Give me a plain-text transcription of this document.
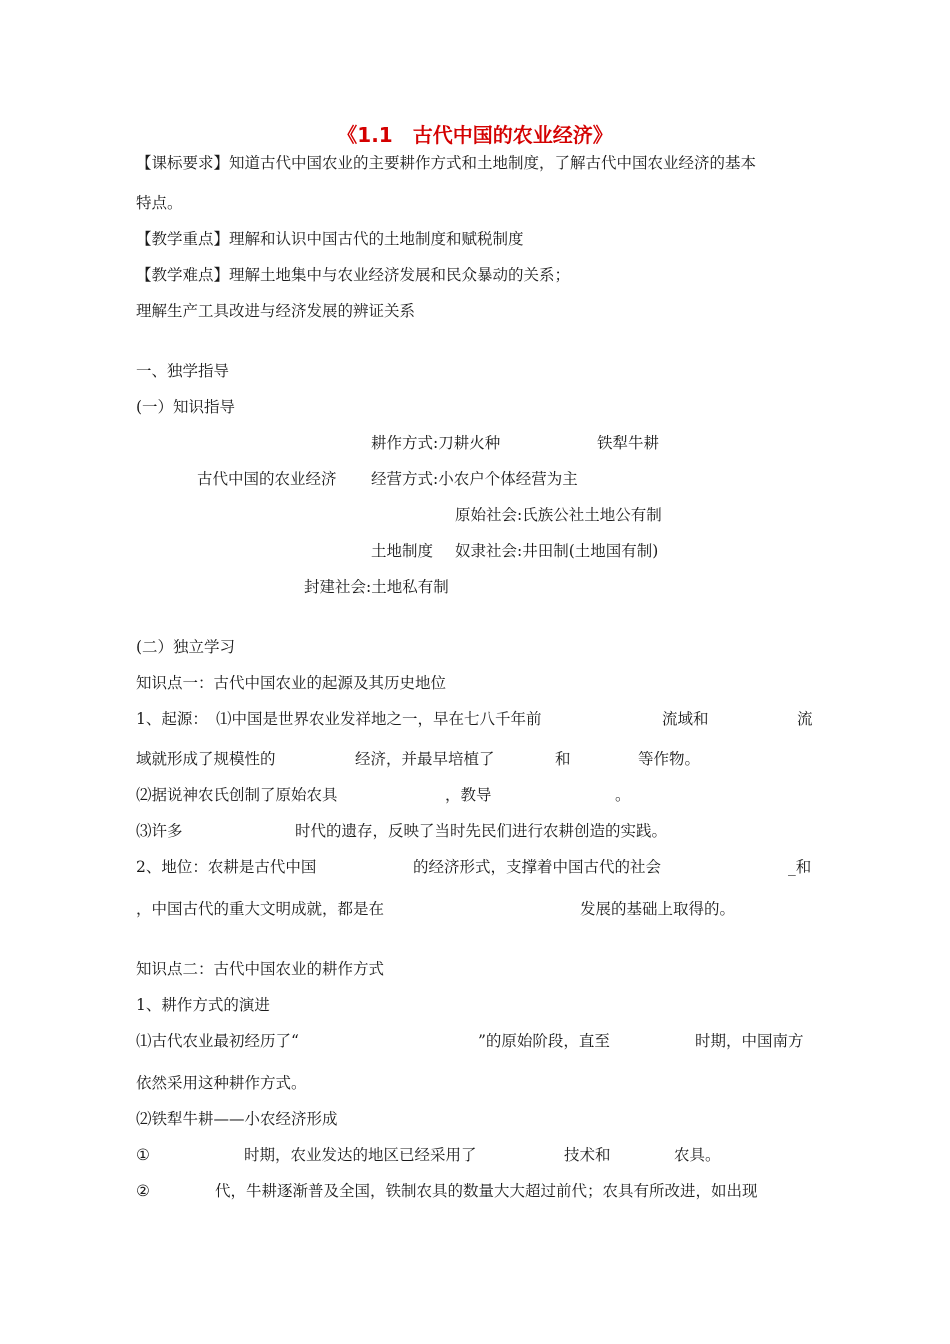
《1.1　古代中国的农业经济》
【课标要求】知道古代中国农业的主要耕作方式和土地制度，了解古代中国农业经济的基本
特点。
【教学重点】理解和认识中国古代的土地制度和赋税制度
【教学难点】理解土地集中与农业经济发展和民众暴动的关系；
理解生产工具改进与经济发展的辨证关系
一、独学指导
(一）知识指导
耕作方式:刀耕火种	铁犁牛耕
古代中国的农业经济 经营方式:小农户个体经营为主
原始社会:氏族公社土地公有制
土地制度 奴隶社会:井田制(土地国有制)
封建社会:土地私有制
(二）独立学习
知识点一：古代中国农业的起源及其历史地位
1、起源： ⑴中国是世界农业发祥地之一，早在七八千年前	流域和	流
域就形成了规模性的	经济，并最早培植了	和	等作物。
⑵据说神农氏创制了原始农具	，教导	。
⑶许多	时代的遗存，反映了当时先民们进行农耕创造的实践。
2、地位：农耕是古代中国	的经济形式，支撑着中国古代的社会	_和
，中国古代的重大文明成就，都是在	发展的基础上取得的。
知识点二：古代中国农业的耕作方式
1、耕作方式的演进
⑴古代农业最初经历了“	”的原始阶段，直至	时期，中国南方
依然采用这种耕作方式。
⑵铁犁牛耕——小农经济形成
①	时期，农业发达的地区已经采用了	技术和	农具。
②	代，牛耕逐渐普及全国，铁制农具的数量大大超过前代；农具有所改进，如出现
